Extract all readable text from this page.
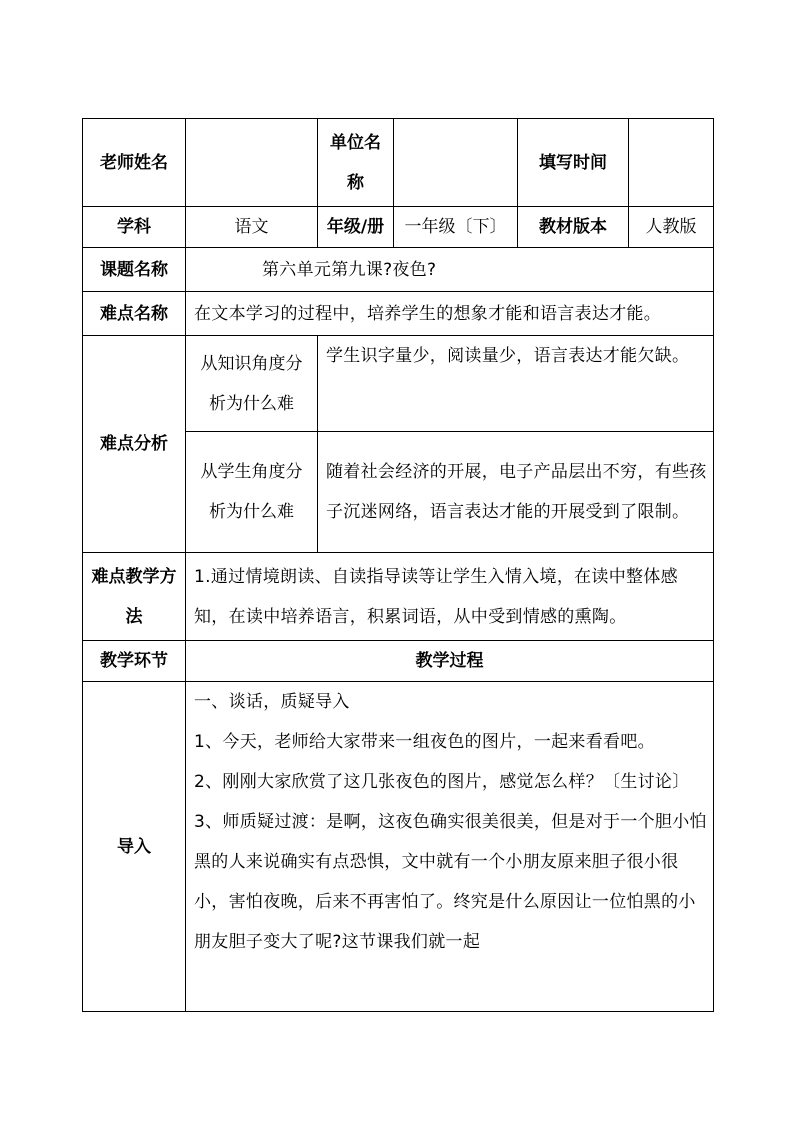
老师姓名		单位名称		填写时间	
学科	语文	年级/册	一年级〔下〕	教材版本	人教版
课题名称	第六单元第九课?夜色?				
难点名称	在文本学习的过程中，培养学生的想象才能和语言表达才能。				
难点分析	从知识角度分析为什么难	学生识字量少，阅读量少，语言表达才能欠缺。			
	从学生角度分析为什么难	随着社会经济的开展，电子产品层出不穷，有些孩子沉迷网络，语言表达才能的开展受到了限制。			
难点教学方法	1.通过情境朗读、自读指导读等让学生入情入境，在读中整体感知，在读中培养语言，积累词语，从中受到情感的熏陶。				
教学环节	教学过程				
导入	一、谈话，质疑导入

1、今天，老师给大家带来一组夜色的图片，一起来看看吧。

2、刚刚大家欣赏了这几张夜色的图片，感觉怎么样？〔生讨论〕

3、师质疑过渡：是啊，这夜色确实很美很美，但是对于一个胆小怕黑的人来说确实有点恐惧，文中就有一个小朋友原来胆子很小很小，害怕夜晚，后来不再害怕了。终究是什么原因让一位怕黑的小朋友胆子变大了呢?这节课我们就一起				
